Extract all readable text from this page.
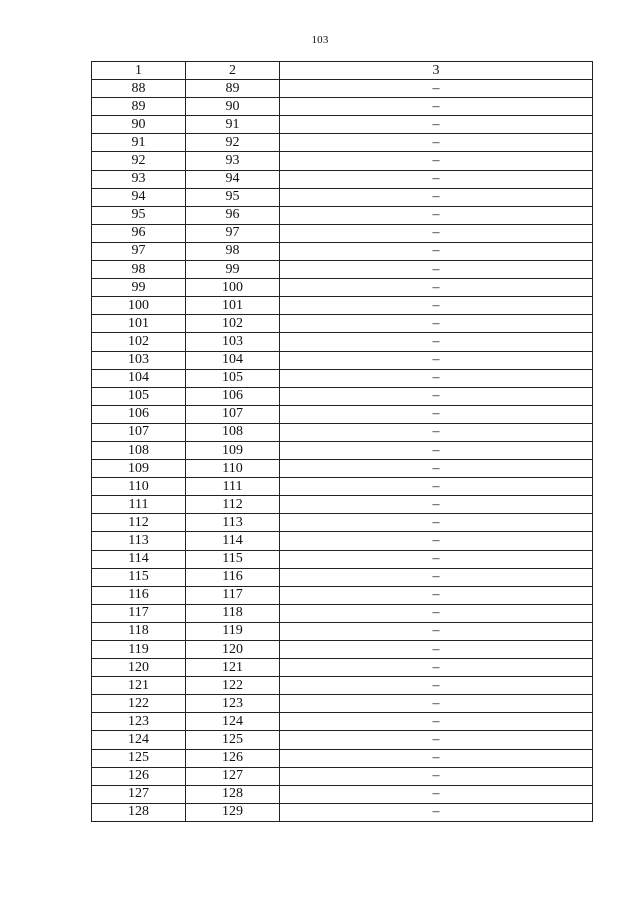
103
1	2	3
88	89	–
89	90	–
90	91	–
91	92	–
92	93	–
93	94	–
94	95	–
95	96	–
96	97	–
97	98	–
98	99	–
99	100	–
100	101	–
101	102	–
102	103	–
103	104	–
104	105	–
105	106	–
106	107	–
107	108	–
108	109	–
109	110	–
110	111	–
111	112	–
112	113	–
113	114	–
114	115	–
115	116	–
116	117	–
117	118	–
118	119	–
119	120	–
120	121	–
121	122	–
122	123	–
123	124	–
124	125	–
125	126	–
126	127	–
127	128	–
128	129	–
